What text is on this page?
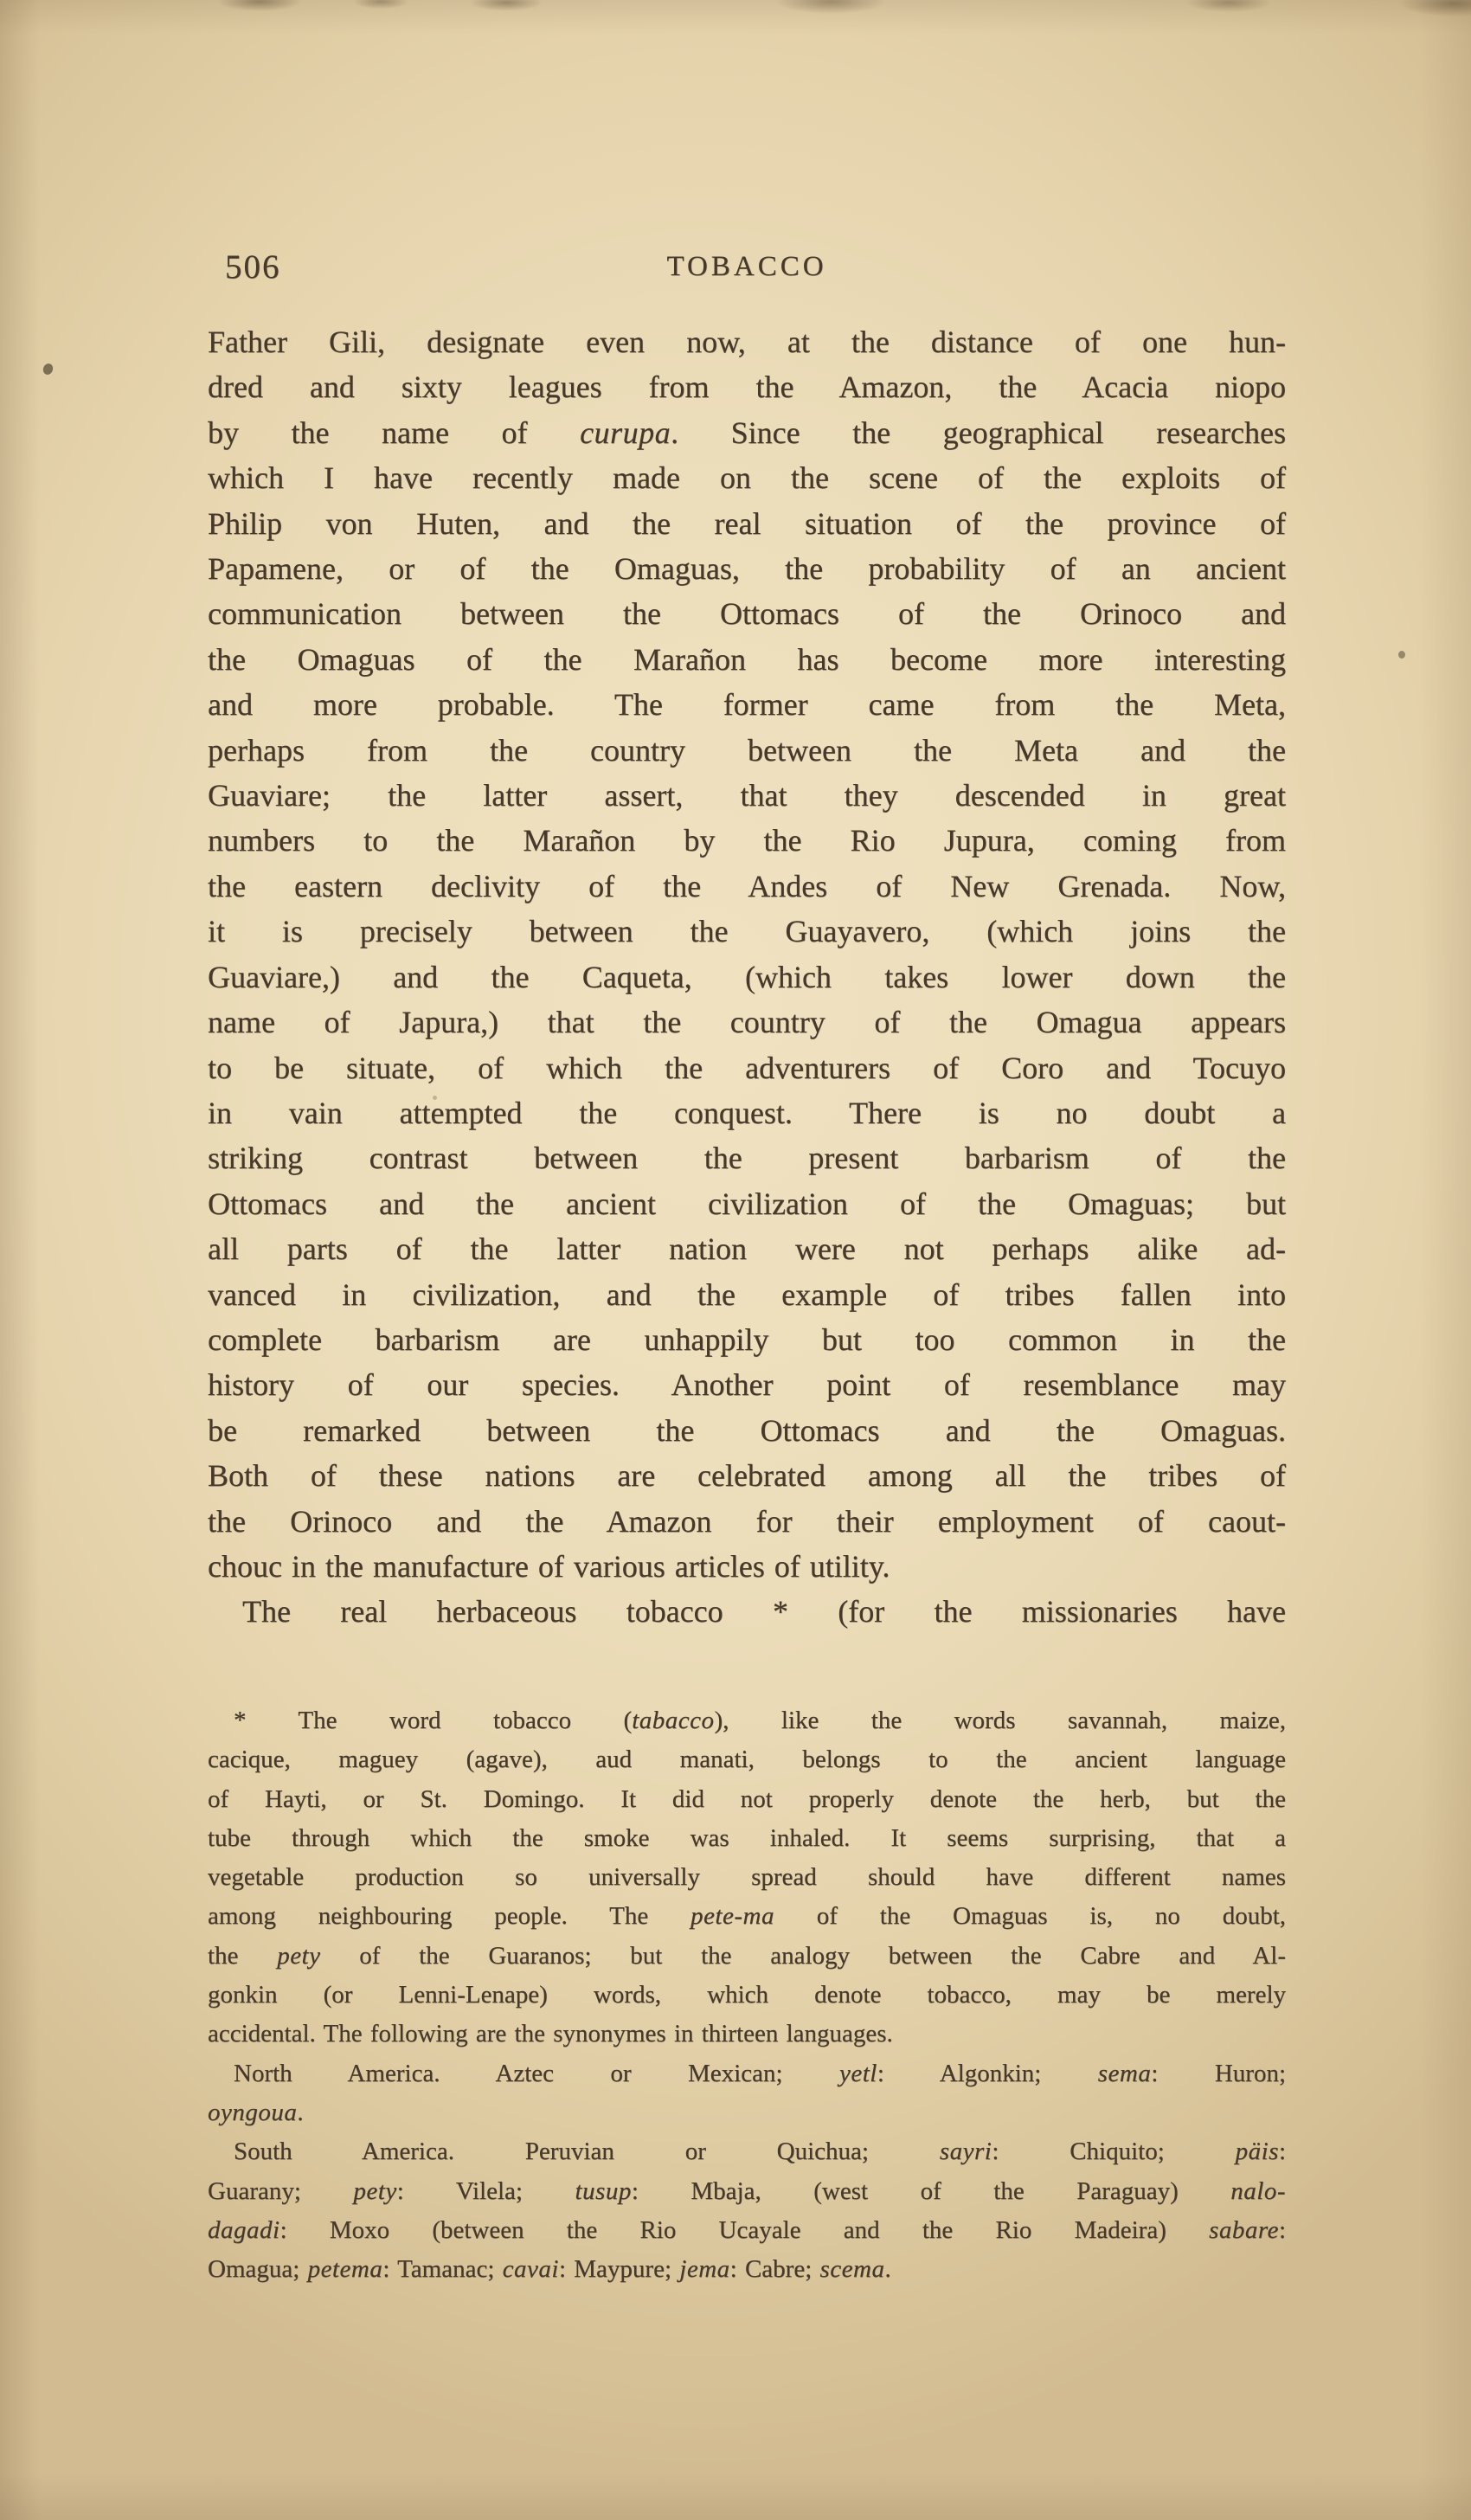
506	TOBACCO
Father Gili, designate even now, at the distance of one hun-
dred and sixty leagues from the Amazon, the Acacia niopo
by the name of curupa. Since the geographical researches
which I have recently made on the scene of the exploits of
Philip von Huten, and the real situation of the province of
Papamene, or of the Omaguas, the probability of an ancient
communication between the Ottomacs of the Orinoco and
the Omaguas of the Marañon has become more interesting
and more probable. The former came from the Meta,
perhaps from the country between the Meta and the
Guaviare; the latter assert, that they descended in great
numbers to the Marañon by the Rio Jupura, coming from
the eastern declivity of the Andes of New Grenada. Now,
it is precisely between the Guayavero, (which joins the
Guaviare,) and the Caqueta, (which takes lower down the
name of Japura,) that the country of the Omagua appears
to be situate, of which the adventurers of Coro and Tocuyo
in vain attempted the conquest. There is no doubt a
striking contrast between the present barbarism of the
Ottomacs and the ancient civilization of the Omaguas; but
all parts of the latter nation were not perhaps alike ad-
vanced in civilization, and the example of tribes fallen into
complete barbarism are unhappily but too common in the
history of our species. Another point of resemblance may
be remarked between the Ottomacs and the Omaguas.
Both of these nations are celebrated among all the tribes of
the Orinoco and the Amazon for their employment of caout-
chouc in the manufacture of various articles of utility.
The real herbaceous tobacco * (for the missionaries have
* The word tobacco (tabacco), like the words savannah, maize,
cacique, maguey (agave), aud manati, belongs to the ancient language
of Hayti, or St. Domingo. It did not properly denote the herb, but the
tube through which the smoke was inhaled. It seems surprising, that a
vegetable production so universally spread should have different names
among neighbouring people. The pete-ma of the Omaguas is, no doubt,
the pety of the Guaranos; but the analogy between the Cabre and Al-
gonkin (or Lenni-Lenape) words, which denote tobacco, may be merely
accidental. The following are the synonymes in thirteen languages.
North America. Aztec or Mexican; yetl: Algonkin; sema: Huron;
oyngoua.
South America. Peruvian or Quichua; sayri: Chiquito; päis:
Guarany; pety: Vilela; tusup: Mbaja, (west of the Paraguay) nalo-
dagadi: Moxo (between the Rio Ucayale and the Rio Madeira) sabare:
Omagua; petema: Tamanac; cavai: Maypure; jema: Cabre; scema.
